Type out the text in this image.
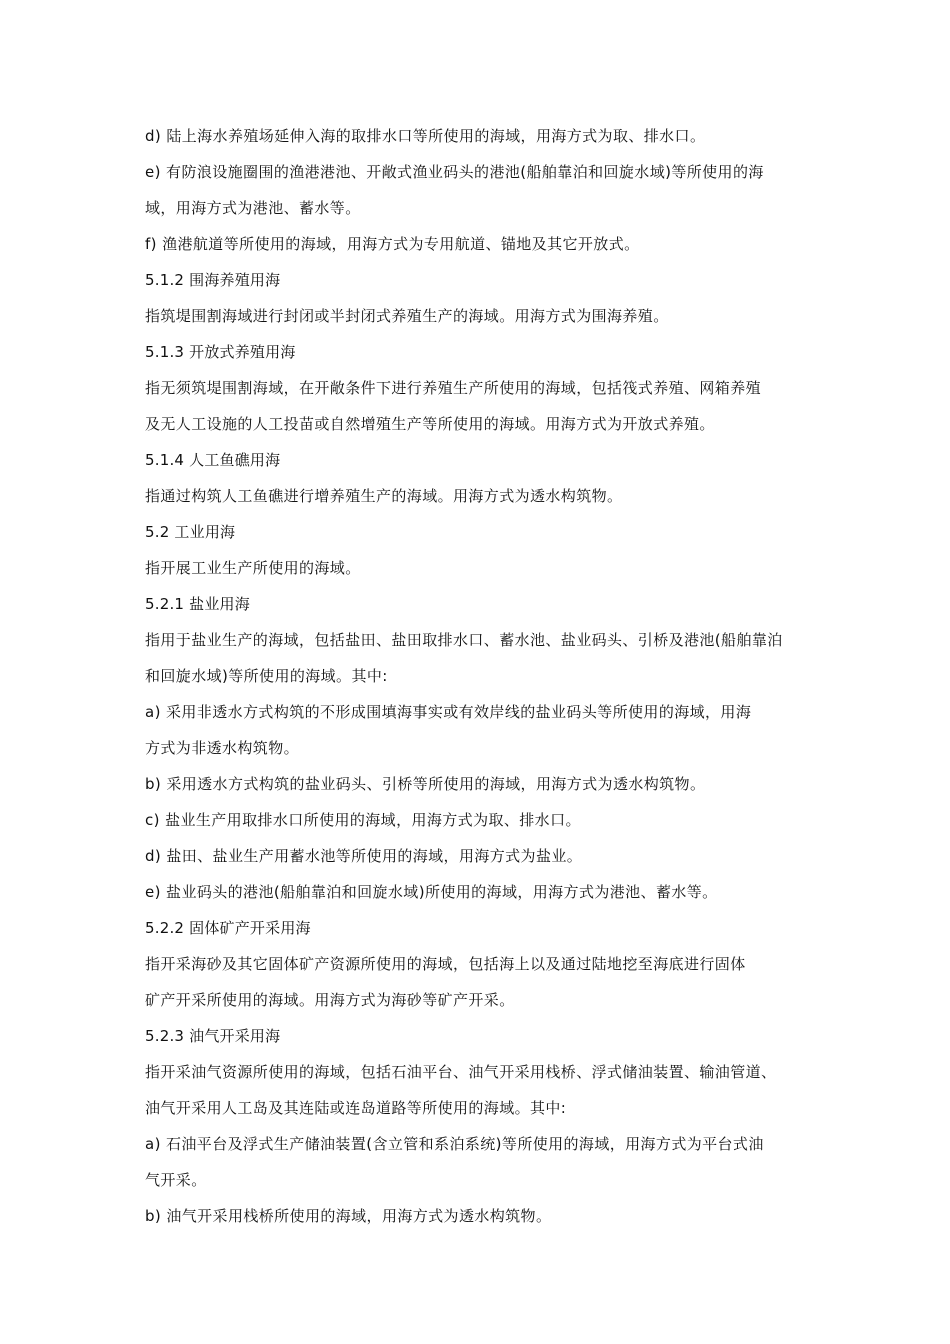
d) 陆上海水养殖场延伸入海的取排水口等所使用的海域，用海方式为取、排水口。
e) 有防浪设施圈围的渔港港池、开敞式渔业码头的港池(船舶靠泊和回旋水域)等所使用的海
域，用海方式为港池、蓄水等。
f) 渔港航道等所使用的海域，用海方式为专用航道、锚地及其它开放式。
5.1.2 围海养殖用海
指筑堤围割海域进行封闭或半封闭式养殖生产的海域。用海方式为围海养殖。
5.1.3 开放式养殖用海
指无须筑堤围割海域，在开敞条件下进行养殖生产所使用的海域，包括筏式养殖、网箱养殖
及无人工设施的人工投苗或自然增殖生产等所使用的海域。用海方式为开放式养殖。
5.1.4 人工鱼礁用海
指通过构筑人工鱼礁进行增养殖生产的海域。用海方式为透水构筑物。
5.2 工业用海
指开展工业生产所使用的海域。
5.2.1 盐业用海
指用于盐业生产的海域，包括盐田、盐田取排水口、蓄水池、盐业码头、引桥及港池(船舶靠泊
和回旋水域)等所使用的海域。其中:
a) 采用非透水方式构筑的不形成围填海事实或有效岸线的盐业码头等所使用的海域，用海
方式为非透水构筑物。
b) 采用透水方式构筑的盐业码头、引桥等所使用的海域，用海方式为透水构筑物。
c) 盐业生产用取排水口所使用的海域，用海方式为取、排水口。
d) 盐田、盐业生产用蓄水池等所使用的海域，用海方式为盐业。
e) 盐业码头的港池(船舶靠泊和回旋水域)所使用的海域，用海方式为港池、蓄水等。
5.2.2 固体矿产开采用海
指开采海砂及其它固体矿产资源所使用的海域，包括海上以及通过陆地挖至海底进行固体
矿产开采所使用的海域。用海方式为海砂等矿产开采。
5.2.3 油气开采用海
指开采油气资源所使用的海域，包括石油平台、油气开采用栈桥、浮式储油装置、输油管道、
油气开采用人工岛及其连陆或连岛道路等所使用的海域。其中:
a) 石油平台及浮式生产储油装置(含立管和系泊系统)等所使用的海域，用海方式为平台式油
气开采。
b) 油气开采用栈桥所使用的海域，用海方式为透水构筑物。
